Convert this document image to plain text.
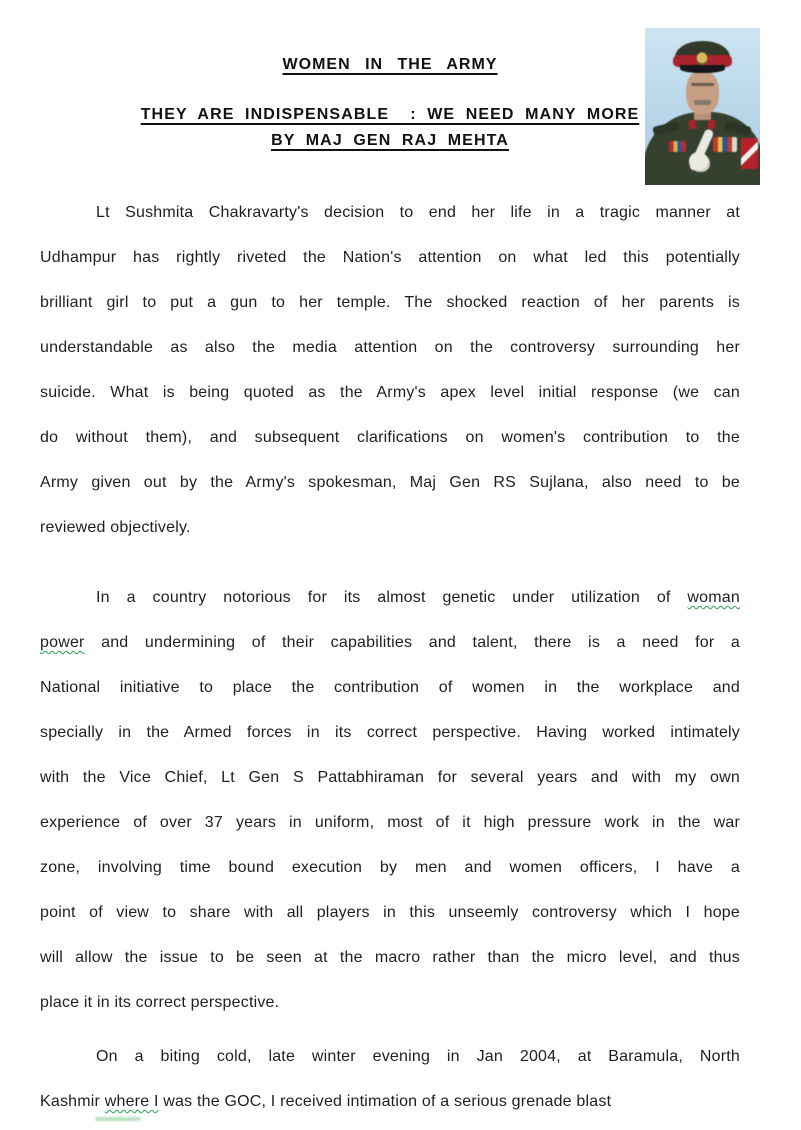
WOMEN IN THE ARMY
THEY ARE INDISPENSABLE  : WE NEED MANY MORE
BY MAJ GEN RAJ MEHTA
Lt Sushmita Chakravarty's decision to end her life in a tragic manner at
Udhampur has rightly riveted the Nation's attention on what led this potentially
brilliant girl to put a gun to her temple. The shocked reaction of her parents is
understandable as also the media attention on the controversy surrounding her
suicide. What is being quoted as the Army's apex level initial response (we can
do without them), and subsequent clarifications on women's contribution to the
Army given out by the Army's spokesman, Maj Gen RS Sujlana, also need to be
reviewed objectively.
In a country notorious for its almost genetic under utilization of woman
power and undermining of their capabilities and talent, there is a need for a
National initiative to place the contribution of women in the workplace and
specially in the Armed forces in its correct perspective. Having worked intimately
with the Vice Chief, Lt Gen S Pattabhiraman for several years and with my own
experience of over 37 years in uniform, most of it high pressure work in the war
zone, involving time bound execution by men and women officers, I have a
point of view to share with all players in this unseemly controversy which I hope
will allow the issue to be seen at the macro rather than the micro level, and thus
place it in its correct perspective.
On a biting cold, late winter evening in Jan 2004, at Baramula, North
Kashmir where I was the GOC, I received intimation of a serious grenade blast
